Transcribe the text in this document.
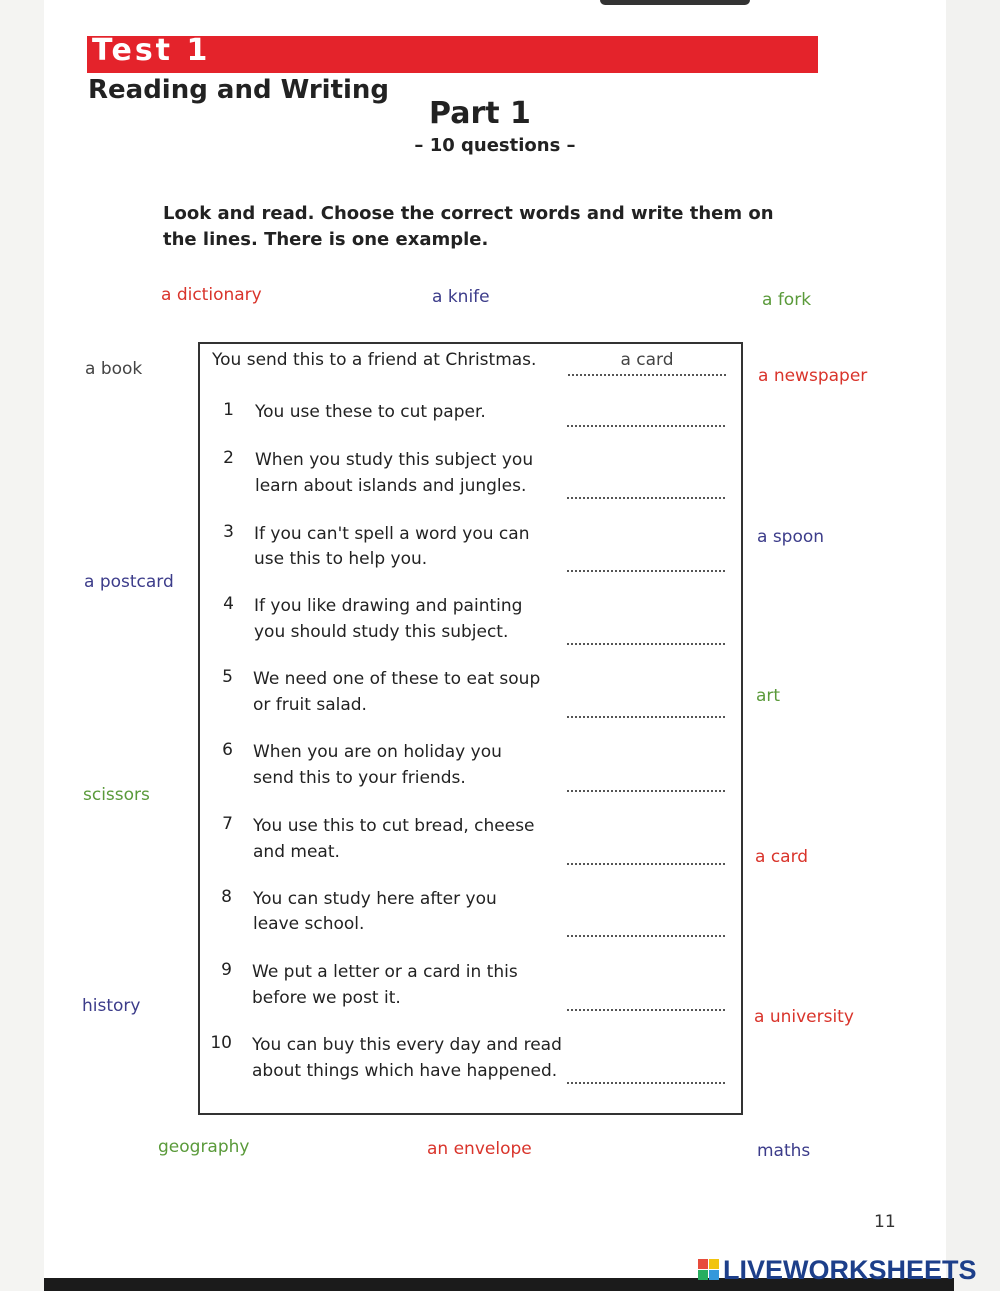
Test 1
Reading and Writing
Part 1
– 10 questions –
Look and read. Choose the correct words and write them on the lines. There is one example.
a dictionary	a knife	a fork
a book	a newspaper
a spoon
a postcard
art
scissors
a card
history
a university
geography	an envelope	maths
You send this to a friend at Christmas.	a card
1 You use these to cut paper.
2 When you study this subject you
learn about islands and jungles.
3 If you can't spell a word you can
use this to help you.
4 If you like drawing and painting
you should study this subject.
5 We need one of these to eat soup
or fruit salad.
6 When you are on holiday you
send this to your friends.
7 You use this to cut bread, cheese
and meat.
8 You can study here after you
leave school.
9 We put a letter or a card in this
before we post it.
10 You can buy this every day and read
about things which have happened.
11
LIVEWORKSHEETS
